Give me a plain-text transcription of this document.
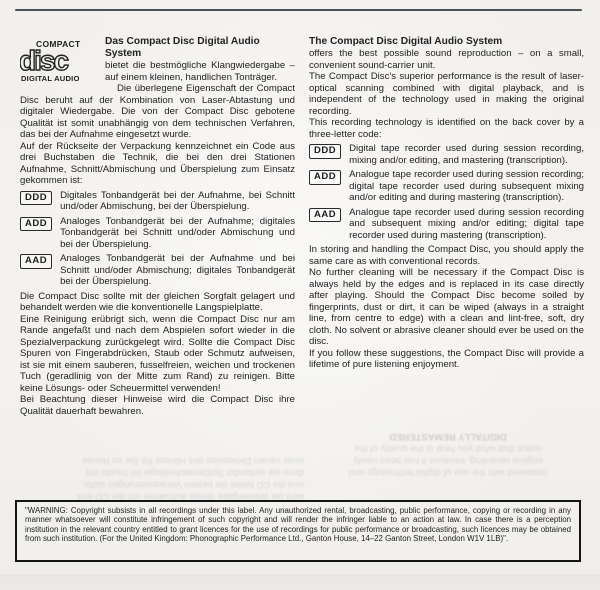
COMPACT
disc
DIGITAL AUDIO
Das Compact Disc Digital Audio System

bietet die bestmögliche Klangwiedergabe – auf einem kleinen, handlichen Tonträger.

Die überlegene Eigenschaft der Compact Disc beruht auf der Kombination von Laser-Abtastung und digitaler Wiedergabe. Die von der Compact Disc gebotene Qualität ist somit unabhängig von dem technischen Verfahren, das bei der Aufnahme eingesetzt wurde.

Auf der Rückseite der Verpackung kennzeichnet ein Code aus drei Buchstaben die Technik, die bei den drei Stationen Aufnahme, Schnitt/Abmischung und Überspielung zum Einsatz gekommen ist:

DDD	Digitales Tonbandgerät bei der Aufnahme, bei Schnitt und/oder Abmischung, bei der Überspielung.

ADD	Analoges Tonbandgerät bei der Aufnahme; digitales Tonbandgerät bei Schnitt und/oder Abmischung und bei der Überspielung.

AAD	Analoges Tonbandgerät bei der Aufnahme und bei Schnitt und/oder Abmischung; digitales Tonbandgerät bei der Überspielung.

Die Compact Disc sollte mit der gleichen Sorgfalt gelagert und behandelt werden wie die konventionelle Langspielplatte.

Eine Reinigung erübrigt sich, wenn die Compact Disc nur am Rande angefaßt und nach dem Abspielen sofort wieder in die Spezialverpackung zurückgelegt wird. Sollte die Compact Disc Spuren von Fingerabdrücken, Staub oder Schmutz aufweisen, ist sie mit einem sauberen, fusselfreien, weichen und trockenen Tuch (geradlinig von der Mitte zum Rand) zu reinigen. Bitte keine Lösungs- oder Scheuermittel verwenden!

Bei Beachtung dieser Hinweise wird die Compact Disc ihre Qualität dauerhaft bewahren.

The Compact Disc Digital Audio System

offers the best possible sound reproduction – on a small, convenient sound-carrier unit.

The Compact Disc's superior performance is the result of laser-optical scanning combined with digital playback, and is independent of the technology used in making the original recording.

This recording technology is identified on the back cover by a three-letter code:

DDD	Digital tape recorder used during session recording, mixing and/or editing, and mastering (transcription).

ADD	Analogue tape recorder used during session recording; digital tape recorder used during subsequent mixing and/or editing and during mastering (transcription).

AAD	Analogue tape recorder used during session recording and subsequent mixing and/or editing; digital tape recorder used during mastering (transcription).

In storing and handling the Compact Disc, you should apply the same care as with conventional records.

No further cleaning will be necessary if the Compact Disc is always held by the edges and is replaced in its case directly after playing. Should the Compact Disc become soiled by fingerprints, dust or dirt, it can be wiped (always in a straight line, from centre to edge) with a clean and lint-free, soft, dry cloth. No solvent or abrasive cleaner should ever be used on the disc.

If you follow these suggestions, the Compact Disc will provide a lifetime of pure listening enjoyment.

wird die Wiedergabe dieser Aufnahme mit der CD erst
und die CD bietet die besten Voraussetzungen dafür,
denn sie verbindet Spitzentechnologie im Studio mit
einer neuen Dimension des Hörens für Sie zu Hause
mastered with the use of digital technology and
original recording, because it has been newly
notice that what you hear is the quality of the
DIGITALLY REMASTERED

"WARNING: Copyright subsists in all recordings under this label. Any unauthorized rental, broadcasting, public performance, copying or recording in any manner whatsoever will constitute infringement of such copyright and will render the infringer liable to an action at law. In case there is a perception institution in the relevant country entitled to grant licences for the use of recordings for public performance or broadcasting, such licences may be obtained from such institution. (For the United Kingdom: Phonographic Performance Ltd., Ganton House, 14–22 Ganton Street, London W1V 1LB)".
